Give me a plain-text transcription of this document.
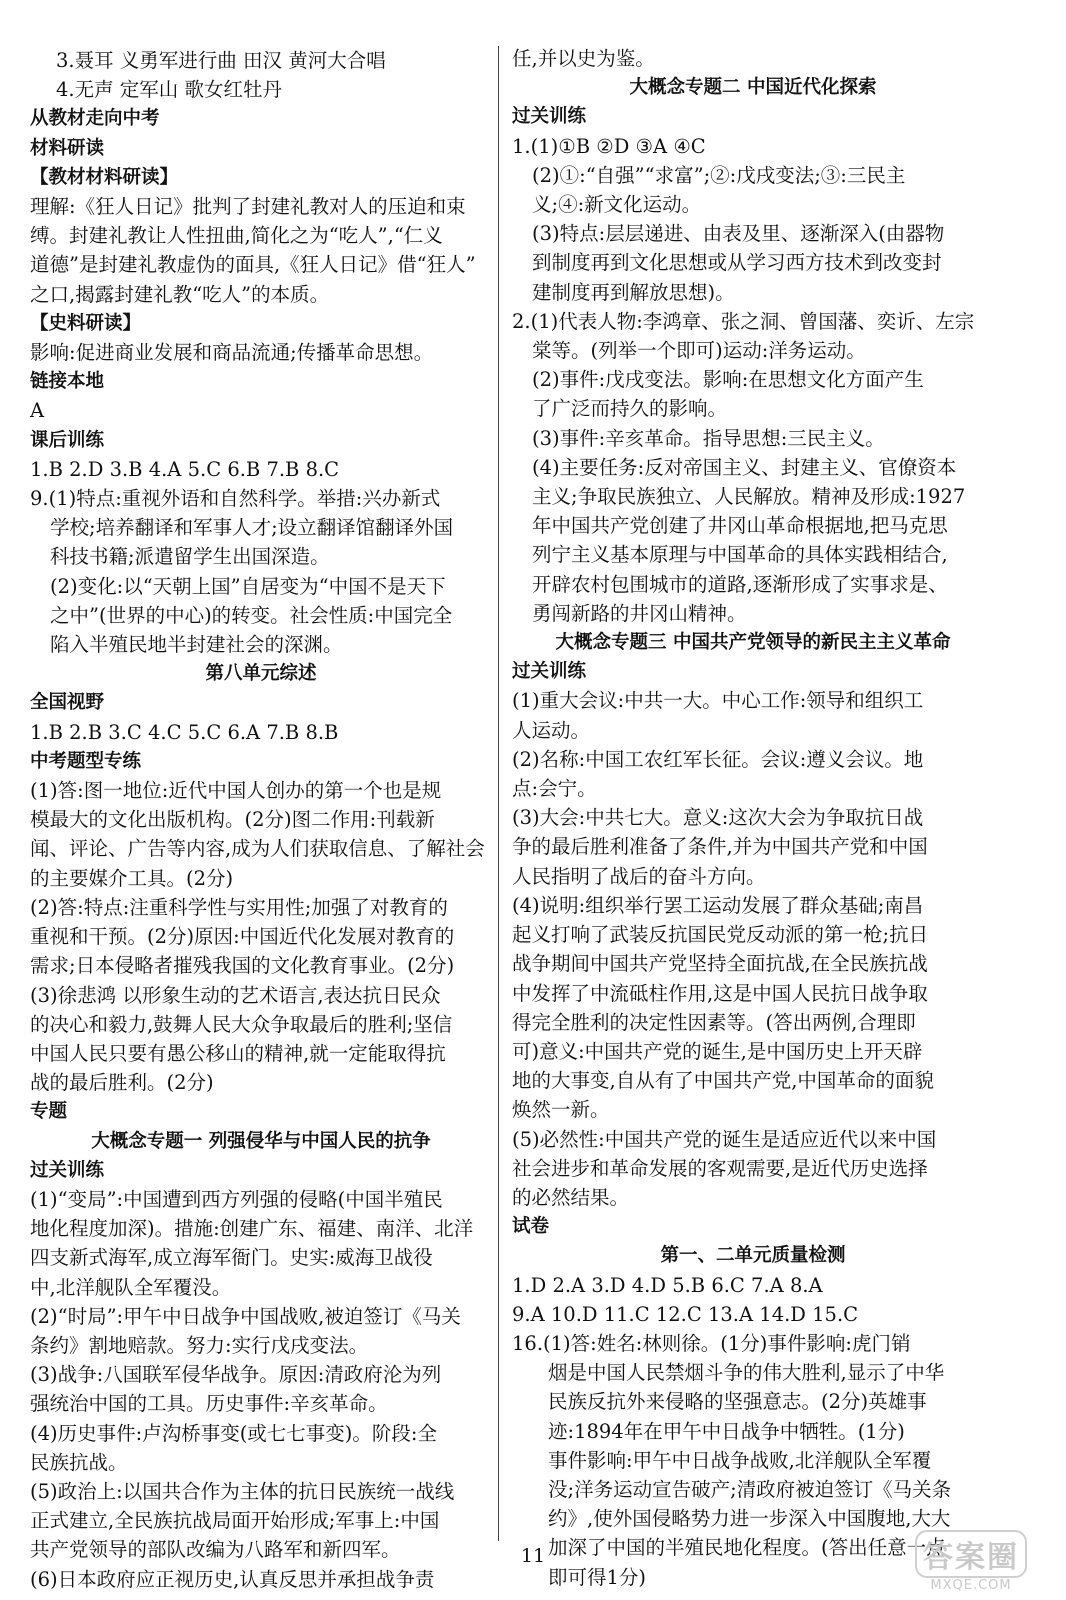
3.聂耳 义勇军进行曲 田汉 黄河大合唱
4.无声 定军山 歌女红牡丹
从教材走向中考
材料研读
【教材材料研读】
理解:《狂人日记》批判了封建礼教对人的压迫和束
缚。封建礼教让人性扭曲,简化之为“吃人”,“仁义
道德”是封建礼教虚伪的面具,《狂人日记》借“狂人”
之口,揭露封建礼教“吃人”的本质。
【史料研读】
影响:促进商业发展和商品流通;传播革命思想。
链接本地
A
课后训练
1.B 2.D 3.B 4.A 5.C 6.B 7.B 8.C
9.(1)特点:重视外语和自然科学。举措:兴办新式
学校;培养翻译和军事人才;设立翻译馆翻译外国
科技书籍;派遣留学生出国深造。
(2)变化:以“天朝上国”自居变为“中国不是天下
之中”(世界的中心)的转变。社会性质:中国完全
陷入半殖民地半封建社会的深渊。
第八单元综述
全国视野
1.B 2.B 3.C 4.C 5.C 6.A 7.B 8.B
中考题型专练
(1)答:图一地位:近代中国人创办的第一个也是规
模最大的文化出版机构。(2分)图二作用:刊载新
闻、评论、广告等内容,成为人们获取信息、了解社会
的主要媒介工具。(2分)
(2)答:特点:注重科学性与实用性;加强了对教育的
重视和干预。(2分)原因:中国近代化发展对教育的
需求;日本侵略者摧残我国的文化教育事业。(2分)
(3)徐悲鸿 以形象生动的艺术语言,表达抗日民众
的决心和毅力,鼓舞人民大众争取最后的胜利;坚信
中国人民只要有愚公移山的精神,就一定能取得抗
战的最后胜利。(2分)
专题
大概念专题一 列强侵华与中国人民的抗争
过关训练
(1)“变局”:中国遭到西方列强的侵略(中国半殖民
地化程度加深)。措施:创建广东、福建、南洋、北洋
四支新式海军,成立海军衙门。史实:威海卫战役
中,北洋舰队全军覆没。
(2)“时局”:甲午中日战争中国战败,被迫签订《马关
条约》割地赔款。努力:实行戊戌变法。
(3)战争:八国联军侵华战争。原因:清政府沦为列
强统治中国的工具。历史事件:辛亥革命。
(4)历史事件:卢沟桥事变(或七七事变)。阶段:全
民族抗战。
(5)政治上:以国共合作为主体的抗日民族统一战线
正式建立,全民族抗战局面开始形成;军事上:中国
共产党领导的部队改编为八路军和新四军。
(6)日本政府应正视历史,认真反思并承担战争责
任,并以史为鉴。
大概念专题二 中国近代化探索
过关训练
1.(1)①B ②D ③A ④C
(2)①:“自强”“求富”;②:戊戌变法;③:三民主
义;④:新文化运动。
(3)特点:层层递进、由表及里、逐渐深入(由器物
到制度再到文化思想或从学习西方技术到改变封
建制度再到解放思想)。
2.(1)代表人物:李鸿章、张之洞、曾国藩、奕䜣、左宗
棠等。(列举一个即可)运动:洋务运动。
(2)事件:戊戌变法。影响:在思想文化方面产生
了广泛而持久的影响。
(3)事件:辛亥革命。指导思想:三民主义。
(4)主要任务:反对帝国主义、封建主义、官僚资本
主义;争取民族独立、人民解放。精神及形成:1927
年中国共产党创建了井冈山革命根据地,把马克思
列宁主义基本原理与中国革命的具体实践相结合,
开辟农村包围城市的道路,逐渐形成了实事求是、
勇闯新路的井冈山精神。
大概念专题三 中国共产党领导的新民主主义革命
过关训练
(1)重大会议:中共一大。中心工作:领导和组织工
人运动。
(2)名称:中国工农红军长征。会议:遵义会议。地
点:会宁。
(3)大会:中共七大。意义:这次大会为争取抗日战
争的最后胜利准备了条件,并为中国共产党和中国
人民指明了战后的奋斗方向。
(4)说明:组织举行罢工运动发展了群众基础;南昌
起义打响了武装反抗国民党反动派的第一枪;抗日
战争期间中国共产党坚持全面抗战,在全民族抗战
中发挥了中流砥柱作用,这是中国人民抗日战争取
得完全胜利的决定性因素等。(答出两例,合理即
可)意义:中国共产党的诞生,是中国历史上开天辟
地的大事变,自从有了中国共产党,中国革命的面貌
焕然一新。
(5)必然性:中国共产党的诞生是适应近代以来中国
社会进步和革命发展的客观需要,是近代历史选择
的必然结果。
试卷
第一、二单元质量检测
1.D 2.A 3.D 4.D 5.B 6.C 7.A 8.A
9.A 10.D 11.C 12.C 13.A 14.D 15.C
16.(1)答:姓名:林则徐。(1分)事件影响:虎门销
烟是中国人民禁烟斗争的伟大胜利,显示了中华
民族反抗外来侵略的坚强意志。(2分)英雄事
迹:1894年在甲午中日战争中牺牲。(1分)
事件影响:甲午中日战争战败,北洋舰队全军覆
没;洋务运动宣告破产;清政府被迫签订《马关条
约》,使外国侵略势力进一步深入中国腹地,大大
加深了中国的半殖民地化程度。(答出任意一点
即可得1分)
11	答案圈
MXQE.COM
